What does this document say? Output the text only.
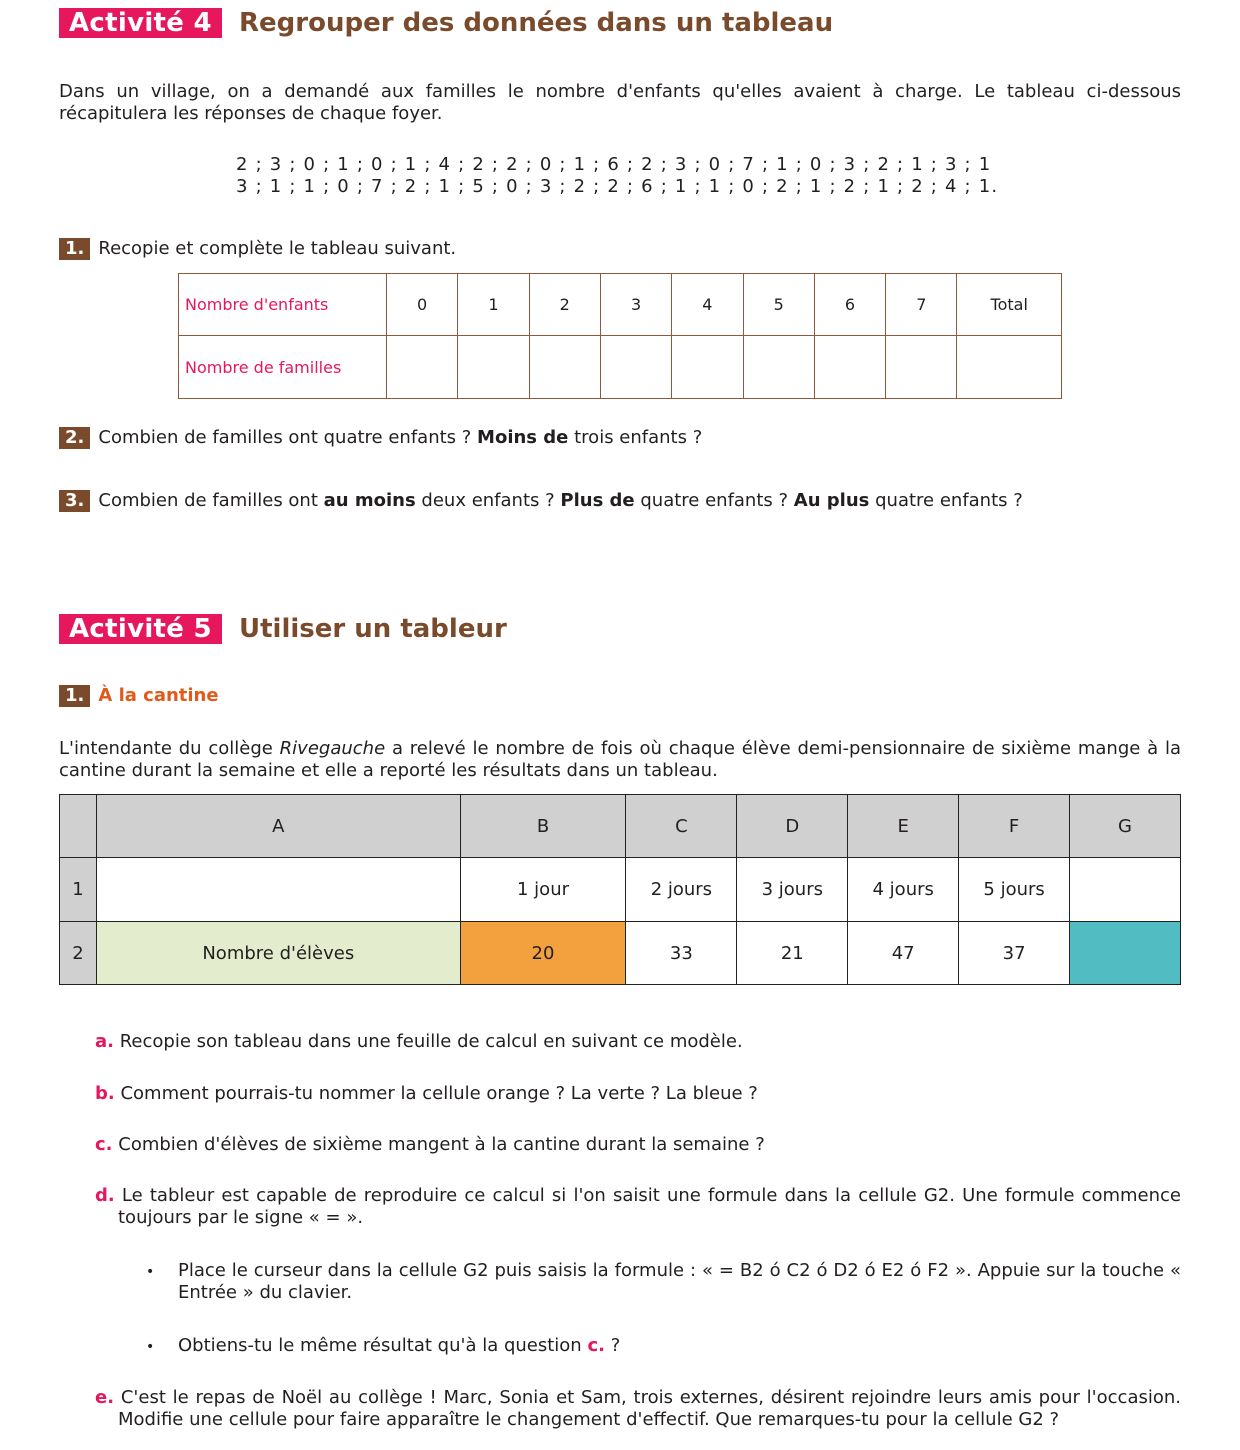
Activité 4	Regrouper des données dans un tableau
Dans un village, on a demandé aux familles le nombre d'enfants qu'elles avaient à charge. Le tableau ci-dessous récapitulera les réponses de chaque foyer.
2 ; 3 ; 0 ; 1 ; 0 ; 1 ; 4 ; 2 ; 2 ; 0 ; 1 ; 6 ; 2 ; 3 ; 0 ; 7 ; 1 ; 0 ; 3 ; 2 ; 1 ; 3 ; 1
3 ; 1 ; 1 ; 0 ; 7 ; 2 ; 1 ; 5 ; 0 ; 3 ; 2 ; 2 ; 6 ; 1 ; 1 ; 0 ; 2 ; 1 ; 2 ; 1 ; 2 ; 4 ; 1.
1. Recopie et complète le tableau suivant.
Nombre d'enfants	0	1	2	3	4	5	6	7	Total
Nombre de familles									
2. Combien de familles ont quatre enfants ? Moins de trois enfants ?
3. Combien de familles ont au moins deux enfants ? Plus de quatre enfants ? Au plus quatre enfants ?
Activité 5	Utiliser un tableur
1. À la cantine
L'intendante du collège Rivegauche a relevé le nombre de fois où chaque élève demi-pensionnaire de sixième mange à la cantine durant la semaine et elle a reporté les résultats dans un tableau.
	A	B	C	D	E	F	G
1		1 jour	2 jours	3 jours	4 jours	5 jours	
2	Nombre d'élèves	20	33	21	47	37	
a. Recopie son tableau dans une feuille de calcul en suivant ce modèle.
b. Comment pourrais-tu nommer la cellule orange ? La verte ? La bleue ?
c. Combien d'élèves de sixième mangent à la cantine durant la semaine ?
d. Le tableur est capable de reproduire ce calcul si l'on saisit une formule dans la cellule G2. Une formule commence toujours par le signe « = ».
• Place le curseur dans la cellule G2 puis saisis la formule : « = B2 ó C2 ó D2 ó E2 ó F2 ». Appuie sur la touche « Entrée » du clavier.
• Obtiens-tu le même résultat qu'à la question c. ?
e. C'est le repas de Noël au collège ! Marc, Sonia et Sam, trois externes, désirent rejoindre leurs amis pour l'occasion. Modifie une cellule pour faire apparaître le changement d'effectif. Que remarques-tu pour la cellule G2 ?
